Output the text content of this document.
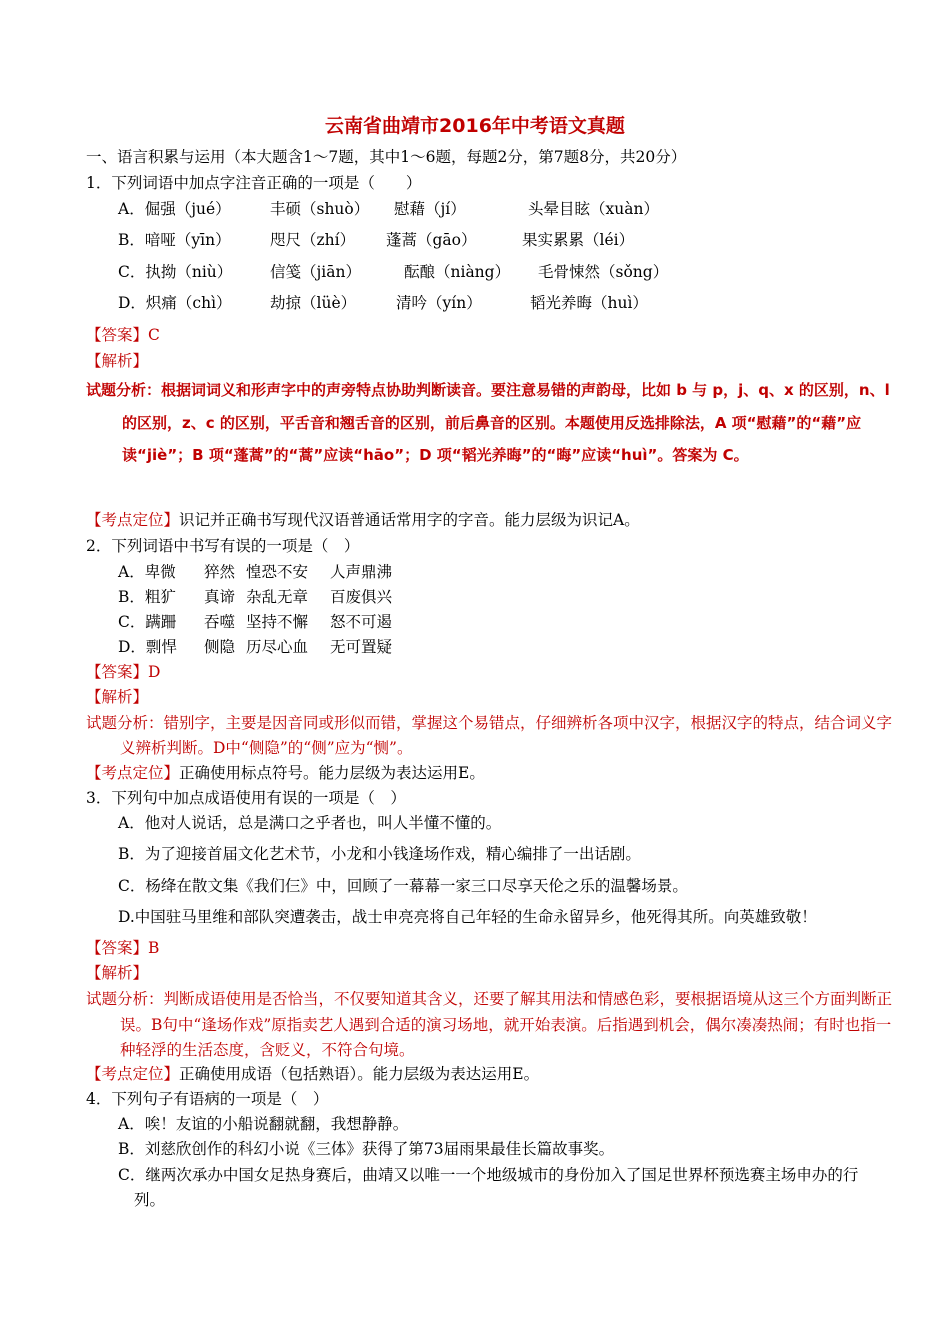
云南省曲靖市2016年中考语文真题
一、语言积累与运用（本大题含1～7题，其中1～6题，每题2分，第7题8分，共20分）
1．下列词语中加点字注音正确的一项是（　　）
A．倔强（jué）	丰硕（shuò） 慰藉（jí）	头晕目眩（xuàn）
B．喑哑（yīn）	咫尺（zhí） 蓬蒿（gāo）	果实累累（léi）
C．执拗（niù） 信笺（jiān）	酝酿（niàng） 毛骨悚然（sǒng）
D．炽痛（chì） 劫掠（lüè）	清吟（yín）	韬光养晦（huì）
【答案】C
【解析】
试题分析：根据词词义和形声字中的声旁特点协助判断读音。要注意易错的声韵母，比如 b 与 p，j、q、x 的区别，n、l 的区别，z、c 的区别，平舌音和翘舌音的区别，前后鼻音的区别。本题使用反选排除法，A 项“慰藉”的“藉”应读“jiè”；B 项“蓬蒿”的“蒿”应读“hāo”；D 项“韬光养晦”的“晦”应读“huì”。答案为 C。
【考点定位】识记并正确书写现代汉语普通话常用字的字音。能力层级为识记A。
2．下列词语中书写有误的一项是（　）
A．卑微 猝然 惶恐不安 人声鼎沸
B．粗犷 真谛 杂乱无章 百废俱兴
C．蹒跚 吞噬 坚持不懈 怒不可遏
D．剽悍 侧隐 历尽心血 无可置疑
【答案】D
【解析】
试题分析：错别字，主要是因音同或形似而错，掌握这个易错点，仔细辨析各项中汉字，根据汉字的特点，结合词义字义辨析判断。D中“侧隐”的“侧”应为“恻”。
【考点定位】正确使用标点符号。能力层级为表达运用E。
3．下列句中加点成语使用有误的一项是（　）
A．他对人说话，总是满口之乎者也，叫人半懂不懂的。
B．为了迎接首届文化艺术节，小龙和小钱逢场作戏，精心编排了一出话剧。
C．杨绛在散文集《我们仨》中，回顾了一幕幕一家三口尽享天伦之乐的温馨场景。
D.中国驻马里维和部队突遭袭击，战士申亮亮将自己年轻的生命永留异乡，他死得其所。向英雄致敬！
【答案】B
【解析】
试题分析：判断成语使用是否恰当，不仅要知道其含义，还要了解其用法和情感色彩，要根据语境从这三个方面判断正误。B句中“逢场作戏”原指卖艺人遇到合适的演习场地，就开始表演。后指遇到机会，偶尔凑凑热闹；有时也指一种轻浮的生活态度，含贬义，不符合句境。
【考点定位】正确使用成语（包括熟语）。能力层级为表达运用E。
4．下列句子有语病的一项是（　）
A．唉！友谊的小船说翻就翻，我想静静。
B．刘慈欣创作的科幻小说《三体》获得了第73届雨果最佳长篇故事奖。
C．继两次承办中国女足热身赛后，曲靖又以唯一一个地级城市的身份加入了国足世界杯预选赛主场申办的行列。
